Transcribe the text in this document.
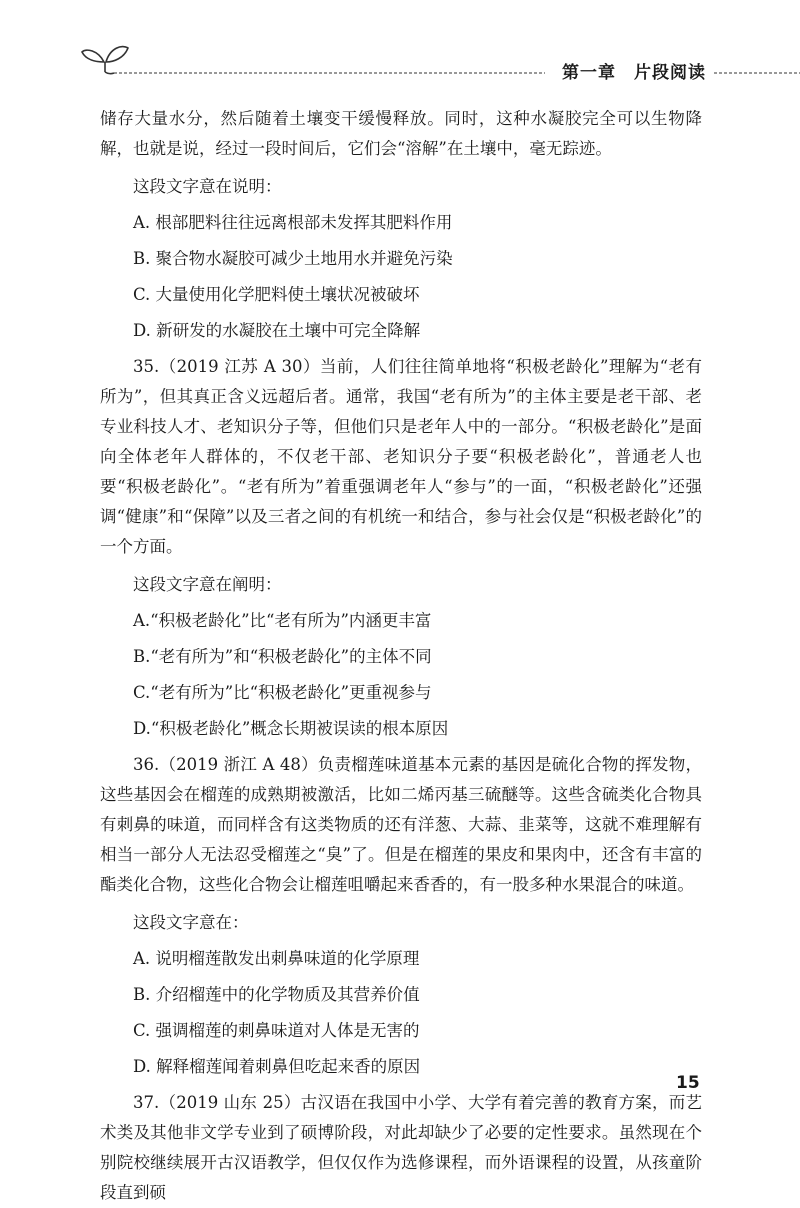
第一章　片段阅读

储存大量水分，然后随着土壤变干缓慢释放。同时，这种水凝胶完全可以生物降解，也就是说，经过一段时间后，它们会“溶解”在土壤中，毫无踪迹。

这段文字意在说明：
A. 根部肥料往往远离根部未发挥其肥料作用
B. 聚合物水凝胶可减少土地用水并避免污染
C. 大量使用化学肥料使土壤状况被破坏
D. 新研发的水凝胶在土壤中可完全降解

35.（2019 江苏 A 30）当前，人们往往简单地将“积极老龄化”理解为“老有所为”，但其真正含义远超后者。通常，我国“老有所为”的主体主要是老干部、老专业科技人才、老知识分子等，但他们只是老年人中的一部分。“积极老龄化”是面向全体老年人群体的，不仅老干部、老知识分子要“积极老龄化”，普通老人也要“积极老龄化”。“老有所为”着重强调老年人“参与”的一面，“积极老龄化”还强调“健康”和“保障”以及三者之间的有机统一和结合，参与社会仅是“积极老龄化”的一个方面。

这段文字意在阐明：
A.“积极老龄化”比“老有所为”内涵更丰富
B.“老有所为”和“积极老龄化”的主体不同
C.“老有所为”比“积极老龄化”更重视参与
D.“积极老龄化”概念长期被误读的根本原因

36.（2019 浙江 A 48）负责榴莲味道基本元素的基因是硫化合物的挥发物，这些基因会在榴莲的成熟期被激活，比如二烯丙基三硫醚等。这些含硫类化合物具有刺鼻的味道，而同样含有这类物质的还有洋葱、大蒜、韭菜等，这就不难理解有相当一部分人无法忍受榴莲之“臭”了。但是在榴莲的果皮和果肉中，还含有丰富的酯类化合物，这些化合物会让榴莲咀嚼起来香香的，有一股多种水果混合的味道。

这段文字意在：
A. 说明榴莲散发出刺鼻味道的化学原理
B. 介绍榴莲中的化学物质及其营养价值
C. 强调榴莲的刺鼻味道对人体是无害的
D. 解释榴莲闻着刺鼻但吃起来香的原因

37.（2019 山东 25）古汉语在我国中小学、大学有着完善的教育方案，而艺术类及其他非文学专业到了硕博阶段，对此却缺少了必要的定性要求。虽然现在个别院校继续展开古汉语教学，但仅仅作为选修课程，而外语课程的设置，从孩童阶段直到硕

15
